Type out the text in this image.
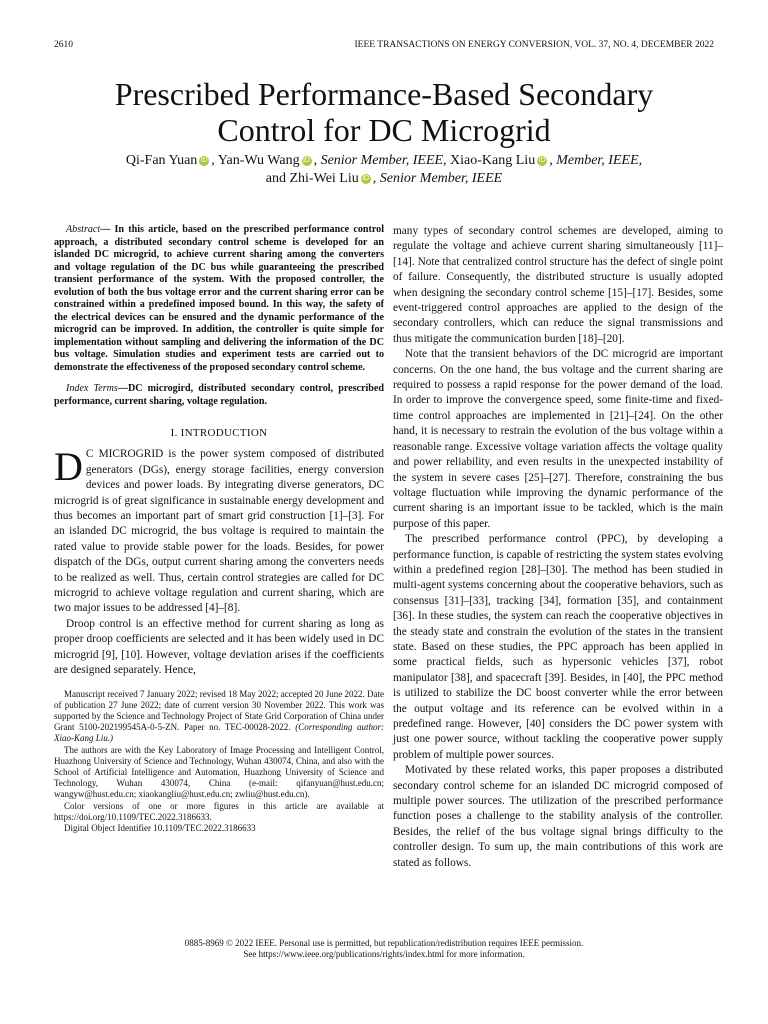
2610	IEEE TRANSACTIONS ON ENERGY CONVERSION, VOL. 37, NO. 4, DECEMBER 2022
Prescribed Performance-Based Secondary
Control for DC Microgrid
Qi-Fan Yuan iD , Yan-Wu Wang iD , Senior Member, IEEE, Xiao-Kang Liu iD , Member, IEEE,
and Zhi-Wei Liu iD , Senior Member, IEEE
Abstract— In this article, based on the prescribed performance control approach, a distributed secondary control scheme is developed for an islanded DC microgrid, to achieve current sharing among the converters and voltage regulation of the DC bus while guaranteeing the prescribed transient performance of the system. With the proposed controller, the evolution of both the bus voltage error and the current sharing error can be constrained within a predefined imposed bound. In this way, the safety of the electrical devices can be ensured and the dynamic performance of the microgrid can be improved. In addition, the controller is quite simple for implementation without sampling and delivering the information of the DC bus voltage. Simulation studies and experiment tests are carried out to demonstrate the effectiveness of the proposed secondary control scheme.
Index Terms—DC microgird, distributed secondary control, prescribed performance, current sharing, voltage regulation.
I. INTRODUCTION

D C MICROGRID is the power system composed of distributed generators (DGs), energy storage facilities, energy conversion devices and power loads. By integrating diverse generators, DC microgrid is of great significance in sustainable energy development and thus becomes an important part of smart grid construction [1]–[3]. For an islanded DC microgrid, the bus voltage is required to maintain the rated value to provide stable power for the loads. Besides, for power dispatch of the DGs, output current sharing among the converters needs to be realized as well. Thus, certain control strategies are called for DC microgrid to achieve voltage regulation and current sharing, which are two major issues to be addressed [4]–[8].

Droop control is an effective method for current sharing as long as proper droop coefficients are selected and it has been widely used in DC microgrid [9], [10]. However, voltage deviation arises if the coefficients are designed separately. Hence,

Manuscript received 7 January 2022; revised 18 May 2022; accepted 20 June 2022. Date of publication 27 June 2022; date of current version 30 November 2022. This work was supported by the Science and Technology Project of State Grid Corporation of China under Grant 5100-202199545A-0-5-ZN. Paper no. TEC-00028-2022. (Corresponding author: Xiao-Kang Liu.)

The authors are with the Key Laboratory of Image Processing and Intelligent Control, Huazhong University of Science and Technology, Wuhan 430074, China, and also with the School of Artificial Intelligence and Automation, Huazhong University of Science and Technology, Wuhan 430074, China (e-mail: qifanyuan@hust.edu.cn; wangyw@hust.edu.cn; xiaokangliu@hust.edu.cn; zwliu@hust.edu.cn).

Color versions of one or more figures in this article are available at https://doi.org/10.1109/TEC.2022.3186633.

Digital Object Identifier 10.1109/TEC.2022.3186633

many types of secondary control schemes are developed, aiming to regulate the voltage and achieve current sharing simultaneously [11]–[14]. Note that centralized control structure has the defect of single point of failure. Consequently, the distributed structure is usually adopted when designing the secondary control scheme [15]–[17]. Besides, some event-triggered control approaches are applied to the design of the secondary controllers, which can reduce the signal transmissions and thus mitigate the communication burden [18]–[20].

Note that the transient behaviors of the DC microgrid are important concerns. On the one hand, the bus voltage and the current sharing are required to possess a rapid response for the power demand of the load. In order to improve the convergence speed, some finite-time and fixed-time control approaches are implemented in [21]–[24]. On the other hand, it is necessary to restrain the evolution of the bus voltage within a reasonable range. Excessive voltage variation affects the voltage quality and power reliability, and even results in the unexpected instability of the system in severe cases [25]–[27]. Therefore, constraining the bus voltage fluctuation while improving the dynamic performance of the current sharing is an important issue to be tackled, which is the main purpose of this paper.

The prescribed performance control (PPC), by developing a performance function, is capable of restricting the system states evolving within a predefined region [28]–[30]. The method has been studied in multi-agent systems concerning about the cooperative behaviors, such as consensus [31]–[33], tracking [34], formation [35], and containment [36]. In these studies, the system can reach the cooperative objectives in the steady state and constrain the evolution of the states in the transient state. Based on these studies, the PPC approach has been applied in some practical fields, such as hypersonic vehicles [37], robot manipulator [38], and spacecraft [39]. Besides, in [40], the PPC method is utilized to stabilize the DC boost converter while the error between the output voltage and its reference can be evolved within in a predefined range. However, [40] considers the DC power system with just one power source, without tackling the cooperative power supply problem of multiple power sources.

Motivated by these related works, this paper proposes a distributed secondary control scheme for an islanded DC microgrid composed of multiple power sources. The utilization of the prescribed performance function poses a challenge to the stability analysis of the controller. Besides, the relief of the bus voltage signal brings difficulty to the controller design. To sum up, the main contributions of this work are stated as follows.

0885-8969 © 2022 IEEE. Personal use is permitted, but republication/redistribution requires IEEE permission.
See https://www.ieee.org/publications/rights/index.html for more information.
